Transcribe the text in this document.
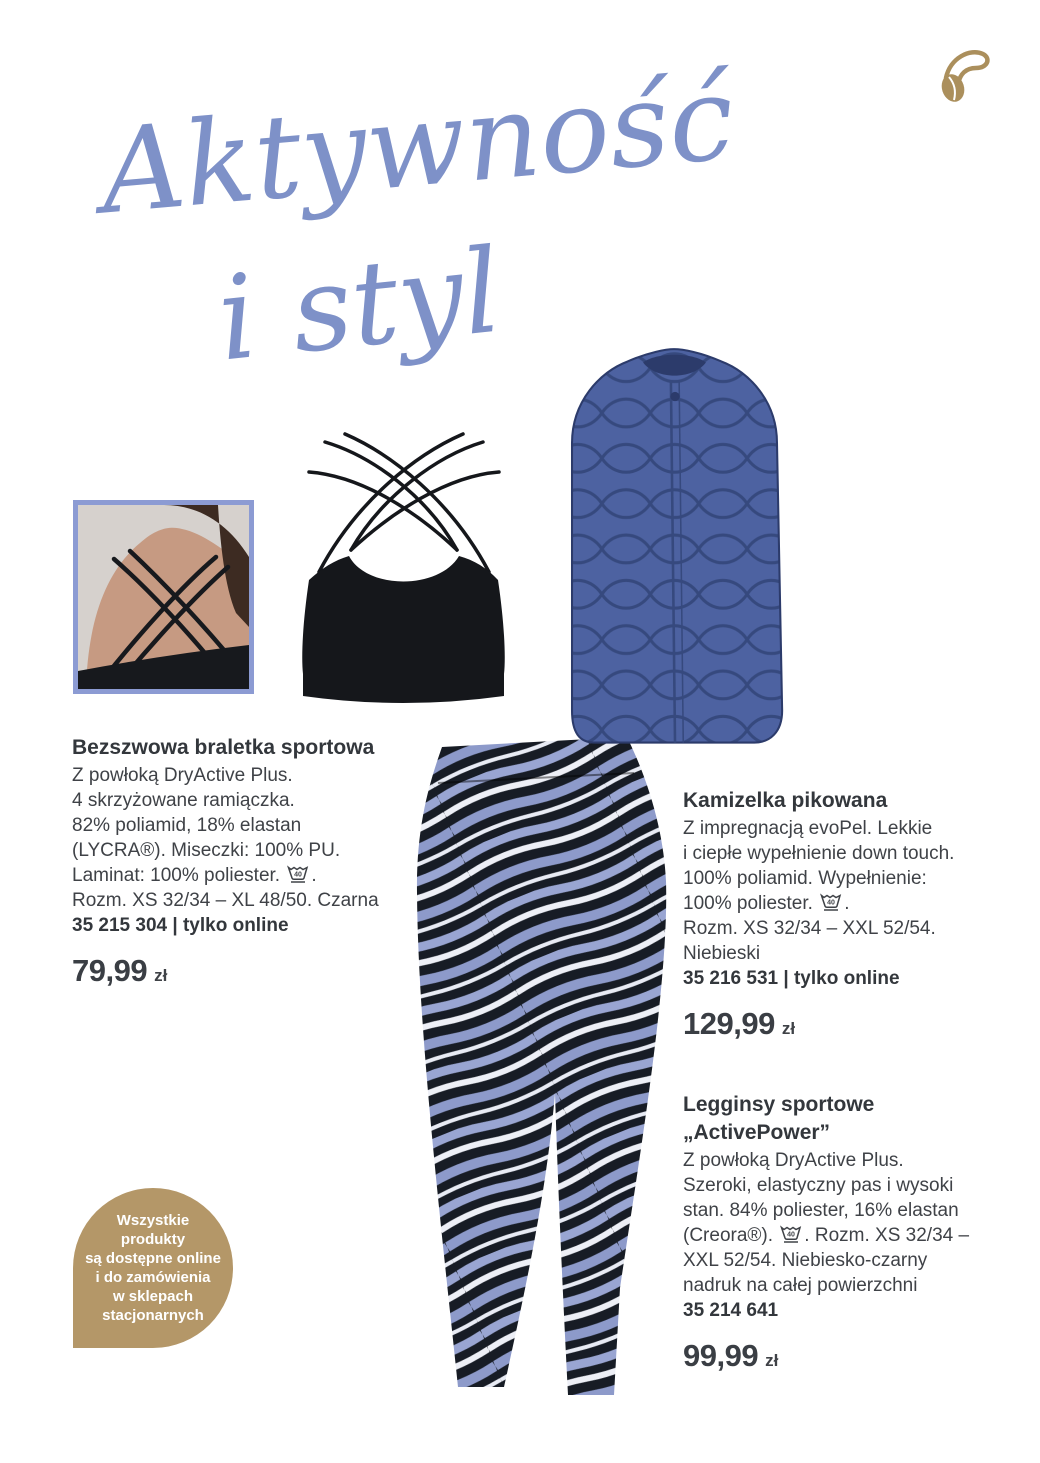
Aktywność
i styl
Bezszwowa braletka sportowa
Z powłoką DryActive Plus.
4 skrzyżowane ramiączka.
82% poliamid, 18% elastan
(LYCRA®). Miseczki: 100% PU.
Laminat: 100% poliester. 40 .
Rozm. XS 32/34 – XL 48/50. Czarna
35 215 304 | tylko online
79,99 zł
Kamizelka pikowana
Z impregnacją evoPel. Lekkie
i ciepłe wypełnienie down touch.
100% poliamid. Wypełnienie:
100% poliester. 40 .
Rozm. XS 32/34 – XXL 52/54.
Niebieski
35 216 531 | tylko online
129,99 zł
Legginsy sportowe
„ActivePower”
Z powłoką DryActive Plus.
Szeroki, elastyczny pas i wysoki
stan. 84% poliester, 16% elastan
(Creora®). 40 . Rozm. XS 32/34 –
XXL 52/54. Niebiesko-czarny
nadruk na całej powierzchni
35 214 641
99,99 zł
Wszystkie
produkty
są dostępne online
i do zamówienia
w sklepach
stacjonarnych
